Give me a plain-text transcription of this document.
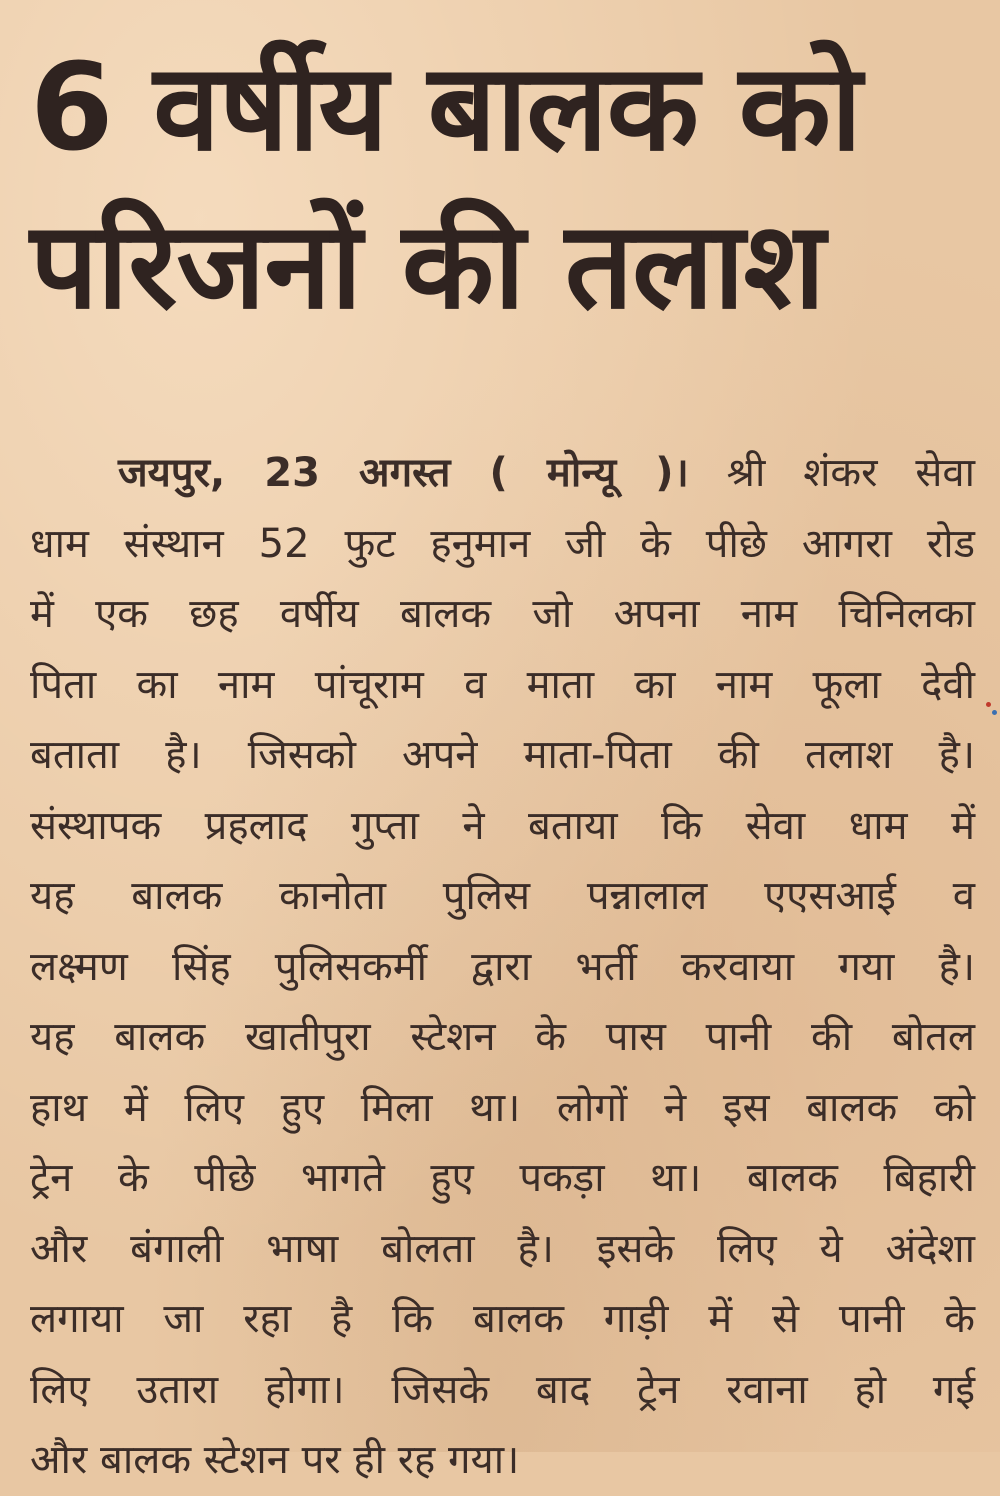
6 वर्षीय बालक को
परिजनों की तलाश
जयपुर, 23 अगस्त ( मोन्यू )। श्री शंकर सेवा
धाम संस्थान 52 फुट हनुमान जी के पीछे आगरा रोड
में एक छह वर्षीय बालक जो अपना नाम चिनिलका
पिता का नाम पांचूराम व माता का नाम फूला देवी
बताता है। जिसको अपने माता-पिता की तलाश है।
संस्थापक प्रहलाद गुप्ता ने बताया कि सेवा धाम में
यह बालक कानोता पुलिस पन्नालाल एएसआई व
लक्ष्मण सिंह पुलिसकर्मी द्वारा भर्ती करवाया गया है।
यह बालक खातीपुरा स्टेशन के पास पानी की बोतल
हाथ में लिए हुए मिला था। लोगों ने इस बालक को
ट्रेन के पीछे भागते हुए पकड़ा था। बालक बिहारी
और बंगाली भाषा बोलता है। इसके लिए ये अंदेशा
लगाया जा रहा है कि बालक गाड़ी में से पानी के
लिए उतारा होगा। जिसके बाद ट्रेन रवाना हो गई
और बालक स्टेशन पर ही रह गया।
